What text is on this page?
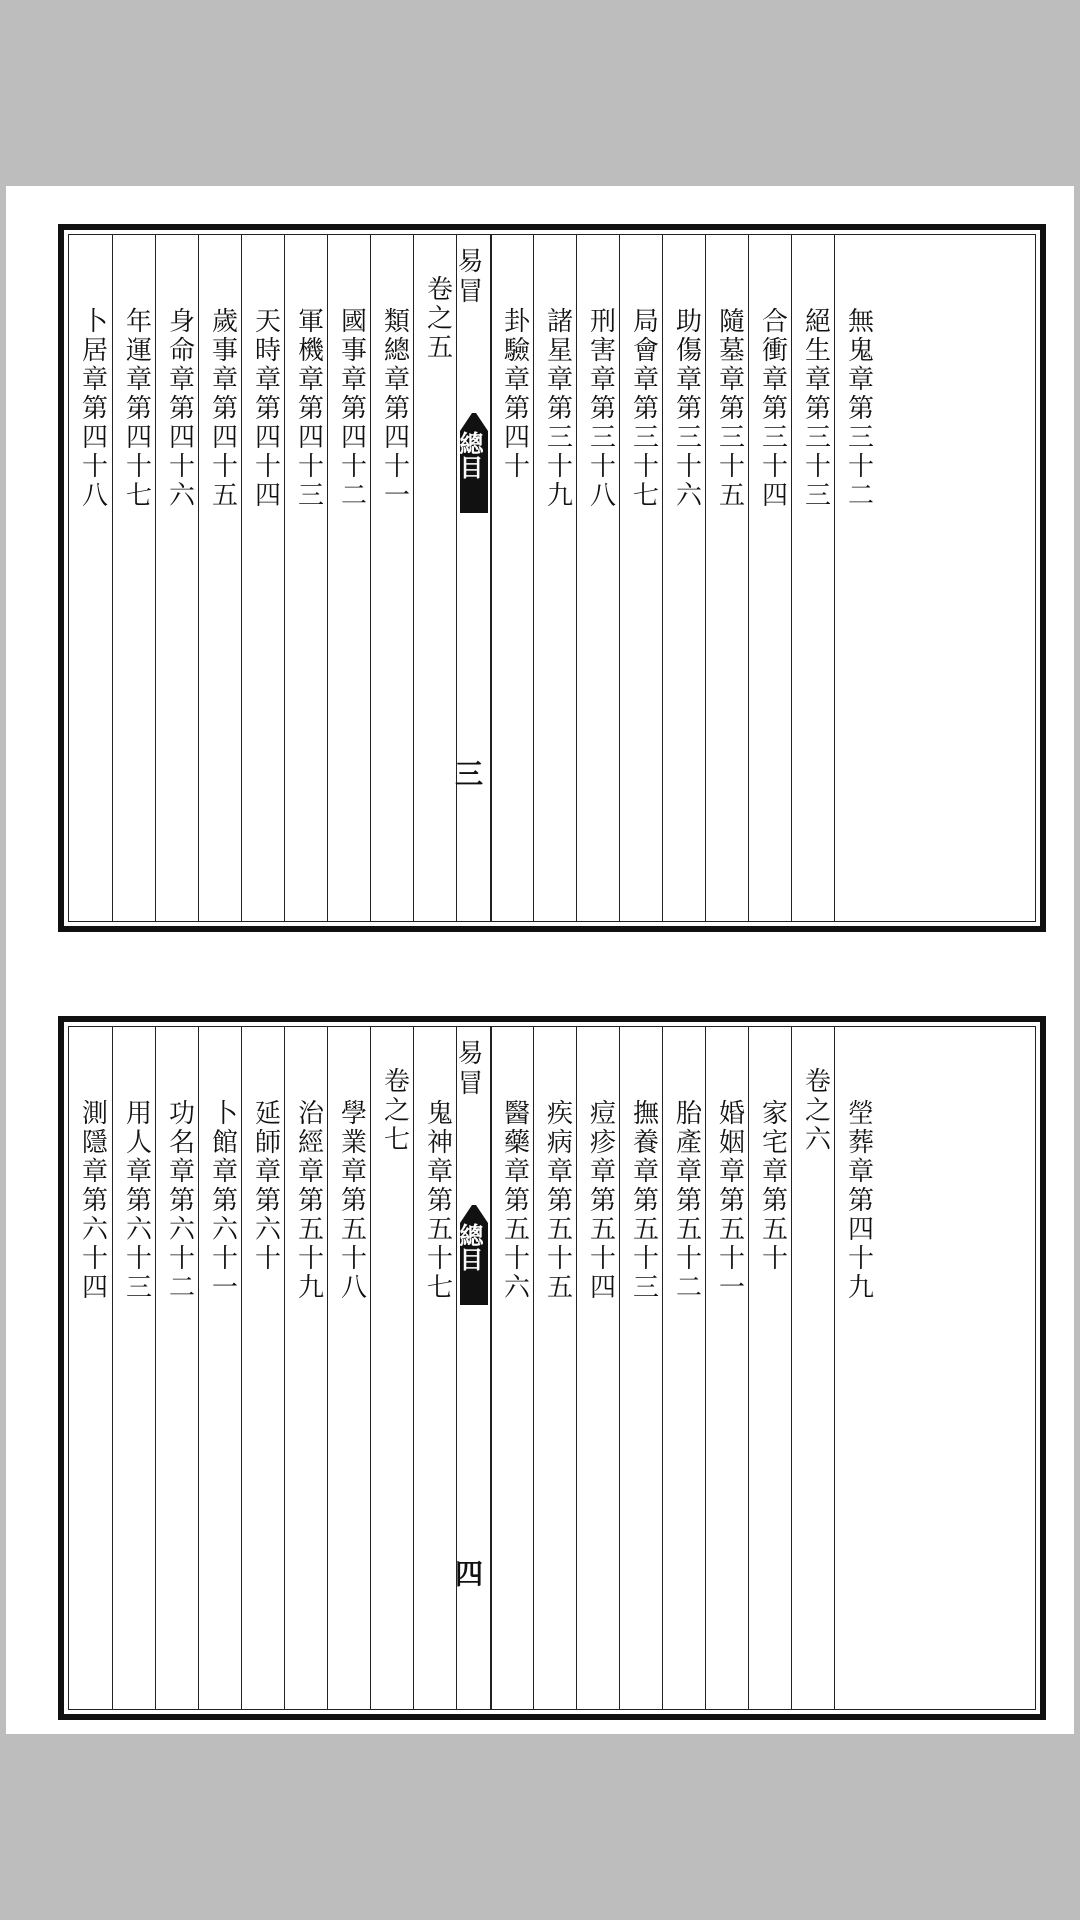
卜居章第四十八 年運章第四十七 身命章第四十六 歲事章第四十五 天時章第四十四 軍機章第四十三 國事章第四十二 類總章第四十一 卷之五 易冒
總目
三
卦驗章第四十 諸星章第三十九 刑害章第三十八 局會章第三十七 助傷章第三十六 隨墓章第三十五 合衝章第三十四 絕生章第三十三 無鬼章第三十二
測隱章第六十四 用人章第六十三 功名章第六十二 卜館章第六十一 延師章第六十 治經章第五十九 學業章第五十八 卷之七 鬼神章第五十七
易冒
總目
四
醫藥章第五十六 疾病章第五十五 痘疹章第五十四 撫養章第五十三 胎產章第五十二 婚姻章第五十一 家宅章第五十 卷之六 塋葬章第四十九
